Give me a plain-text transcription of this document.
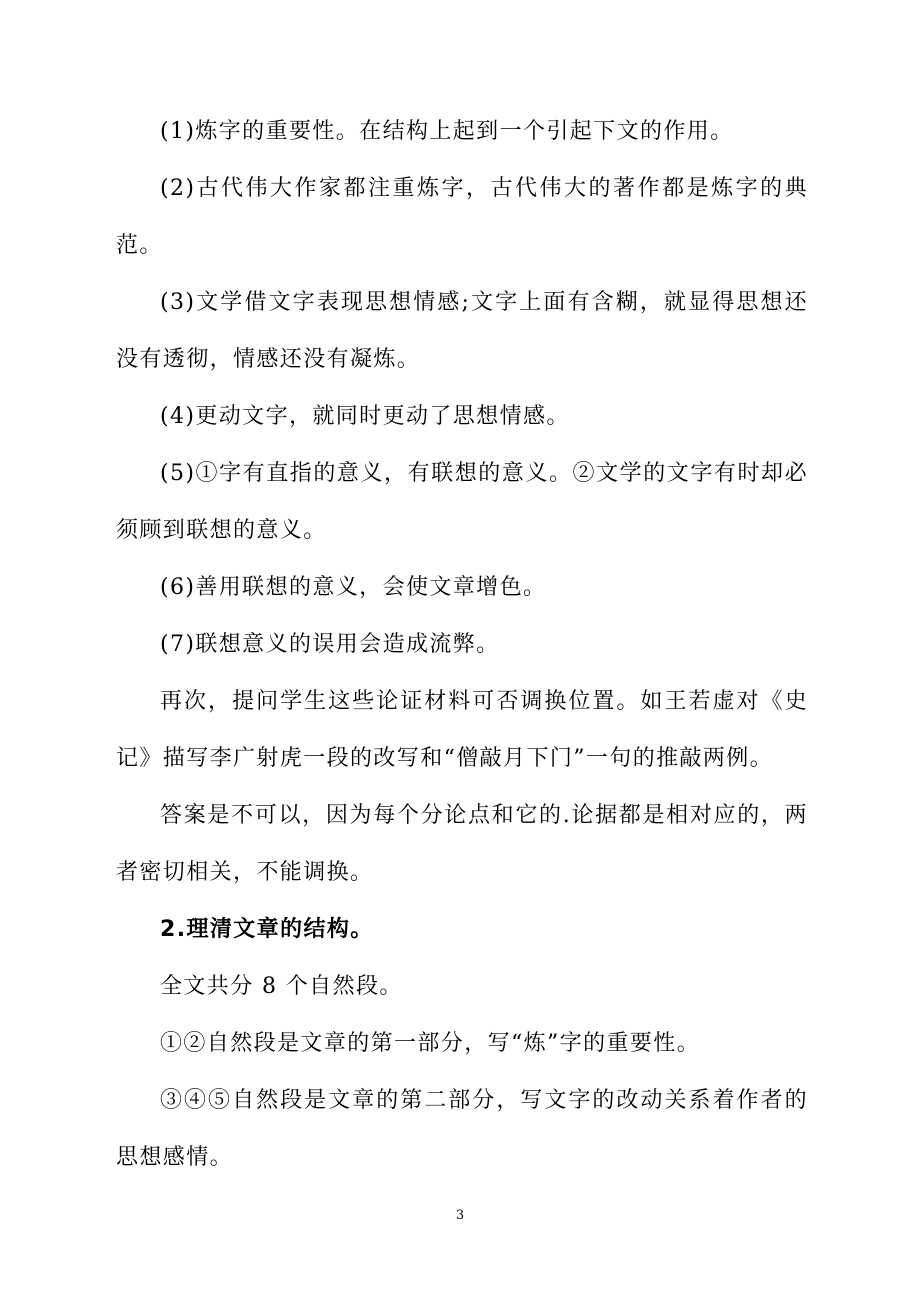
(1)炼字的重要性。在结构上起到一个引起下文的作用。

(2)古代伟大作家都注重炼字，古代伟大的著作都是炼字的典范。

(3)文学借文字表现思想情感;文字上面有含糊，就显得思想还没有透彻，情感还没有凝炼。

(4)更动文字，就同时更动了思想情感。

(5)①字有直指的意义，有联想的意义。②文学的文字有时却必须顾到联想的意义。

(6)善用联想的意义，会使文章增色。

(7)联想意义的误用会造成流弊。

再次，提问学生这些论证材料可否调换位置。如王若虚对《史记》描写李广射虎一段的改写和“僧敲月下门”一句的推敲两例。

答案是不可以，因为每个分论点和它的.论据都是相对应的，两者密切相关，不能调换。

2.理清文章的结构。

全文共分 8 个自然段。

①②自然段是文章的第一部分，写“炼”字的重要性。

③④⑤自然段是文章的第二部分，写文字的改动关系着作者的思想感情。

3
